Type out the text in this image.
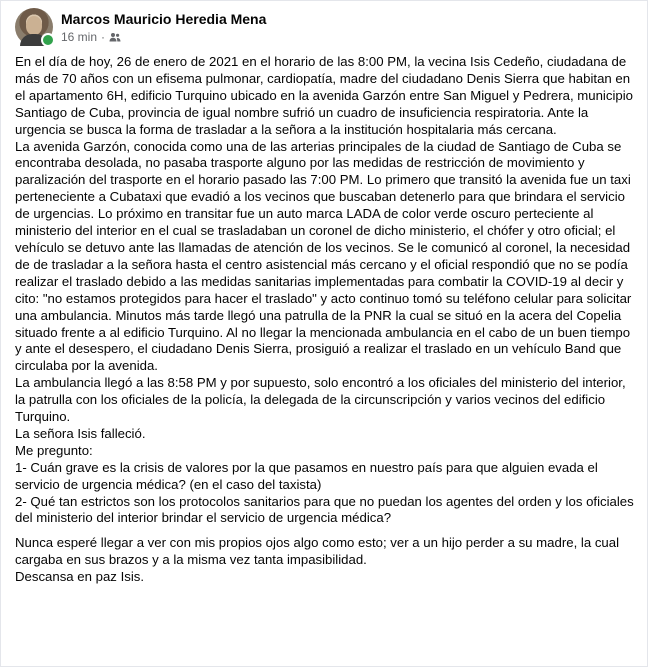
Marcos Mauricio Heredia Mena
16 min ·

En el día de hoy, 26 de enero de 2021 en el horario de las 8:00 PM, la vecina Isis Cedeño, ciudadana de más de 70 años con un efisema pulmonar, cardiopatía, madre del ciudadano Denis Sierra que habitan en el apartamento 6H, edificio Turquino ubicado en la avenida Garzón entre San Miguel y Pedrera, municipio Santiago de Cuba, provincia de igual nombre sufrió un cuadro de insuficiencia respiratoria. Ante la urgencia se busca la forma de trasladar a la señora a la institución hospitalaria más cercana.

La avenida Garzón, conocida como una de las arterias principales de la ciudad de Santiago de Cuba se encontraba desolada, no pasaba trasporte alguno por las medidas de restricción de movimiento y paralización del trasporte en el horario pasado las 7:00 PM. Lo primero que transitó la avenida fue un taxi perteneciente a Cubataxi que evadió a los vecinos que buscaban detenerlo para que brindara el servicio de urgencias. Lo próximo en transitar fue un auto marca LADA de color verde oscuro perteciente al ministerio del interior en el cual se trasladaban un coronel de dicho ministerio, el chófer y otro oficial; el vehículo se detuvo ante las llamadas de atención de los vecinos. Se le comunicó al coronel, la necesidad de de trasladar a la señora hasta el centro asistencial más cercano y el oficial respondió que no se podía realizar el traslado debido a las medidas sanitarias implementadas para combatir la COVID-19 al decir y cito: "no estamos protegidos para hacer el traslado" y acto continuo tomó su teléfono celular para solicitar una ambulancia. Minutos más tarde llegó una patrulla de la PNR la cual se situó en la acera del Copelia situado frente a al edificio Turquino. Al no llegar la mencionada ambulancia en el cabo de un buen tiempo y ante el desespero, el ciudadano Denis Sierra, prosiguió a realizar el traslado en un vehículo Band que circulaba por la avenida.

La ambulancia llegó a las 8:58 PM y por supuesto, solo encontró a los oficiales del ministerio del interior, la patrulla con los oficiales de la policía, la delegada de la circunscripción y varios vecinos del edificio Turquino.

La señora Isis falleció.

Me pregunto:

1- Cuán grave es la crisis de valores por la que pasamos en nuestro país para que alguien evada el servicio de urgencia médica? (en el caso del taxista)

2- Qué tan estrictos son los protocolos sanitarios para que no puedan los agentes del orden y los oficiales del ministerio del interior brindar el servicio de urgencia médica?

Nunca esperé llegar a ver con mis propios ojos algo como esto; ver a un hijo perder a su madre, la cual cargaba en sus brazos y a la misma vez tanta impasibilidad.

Descansa en paz Isis.
